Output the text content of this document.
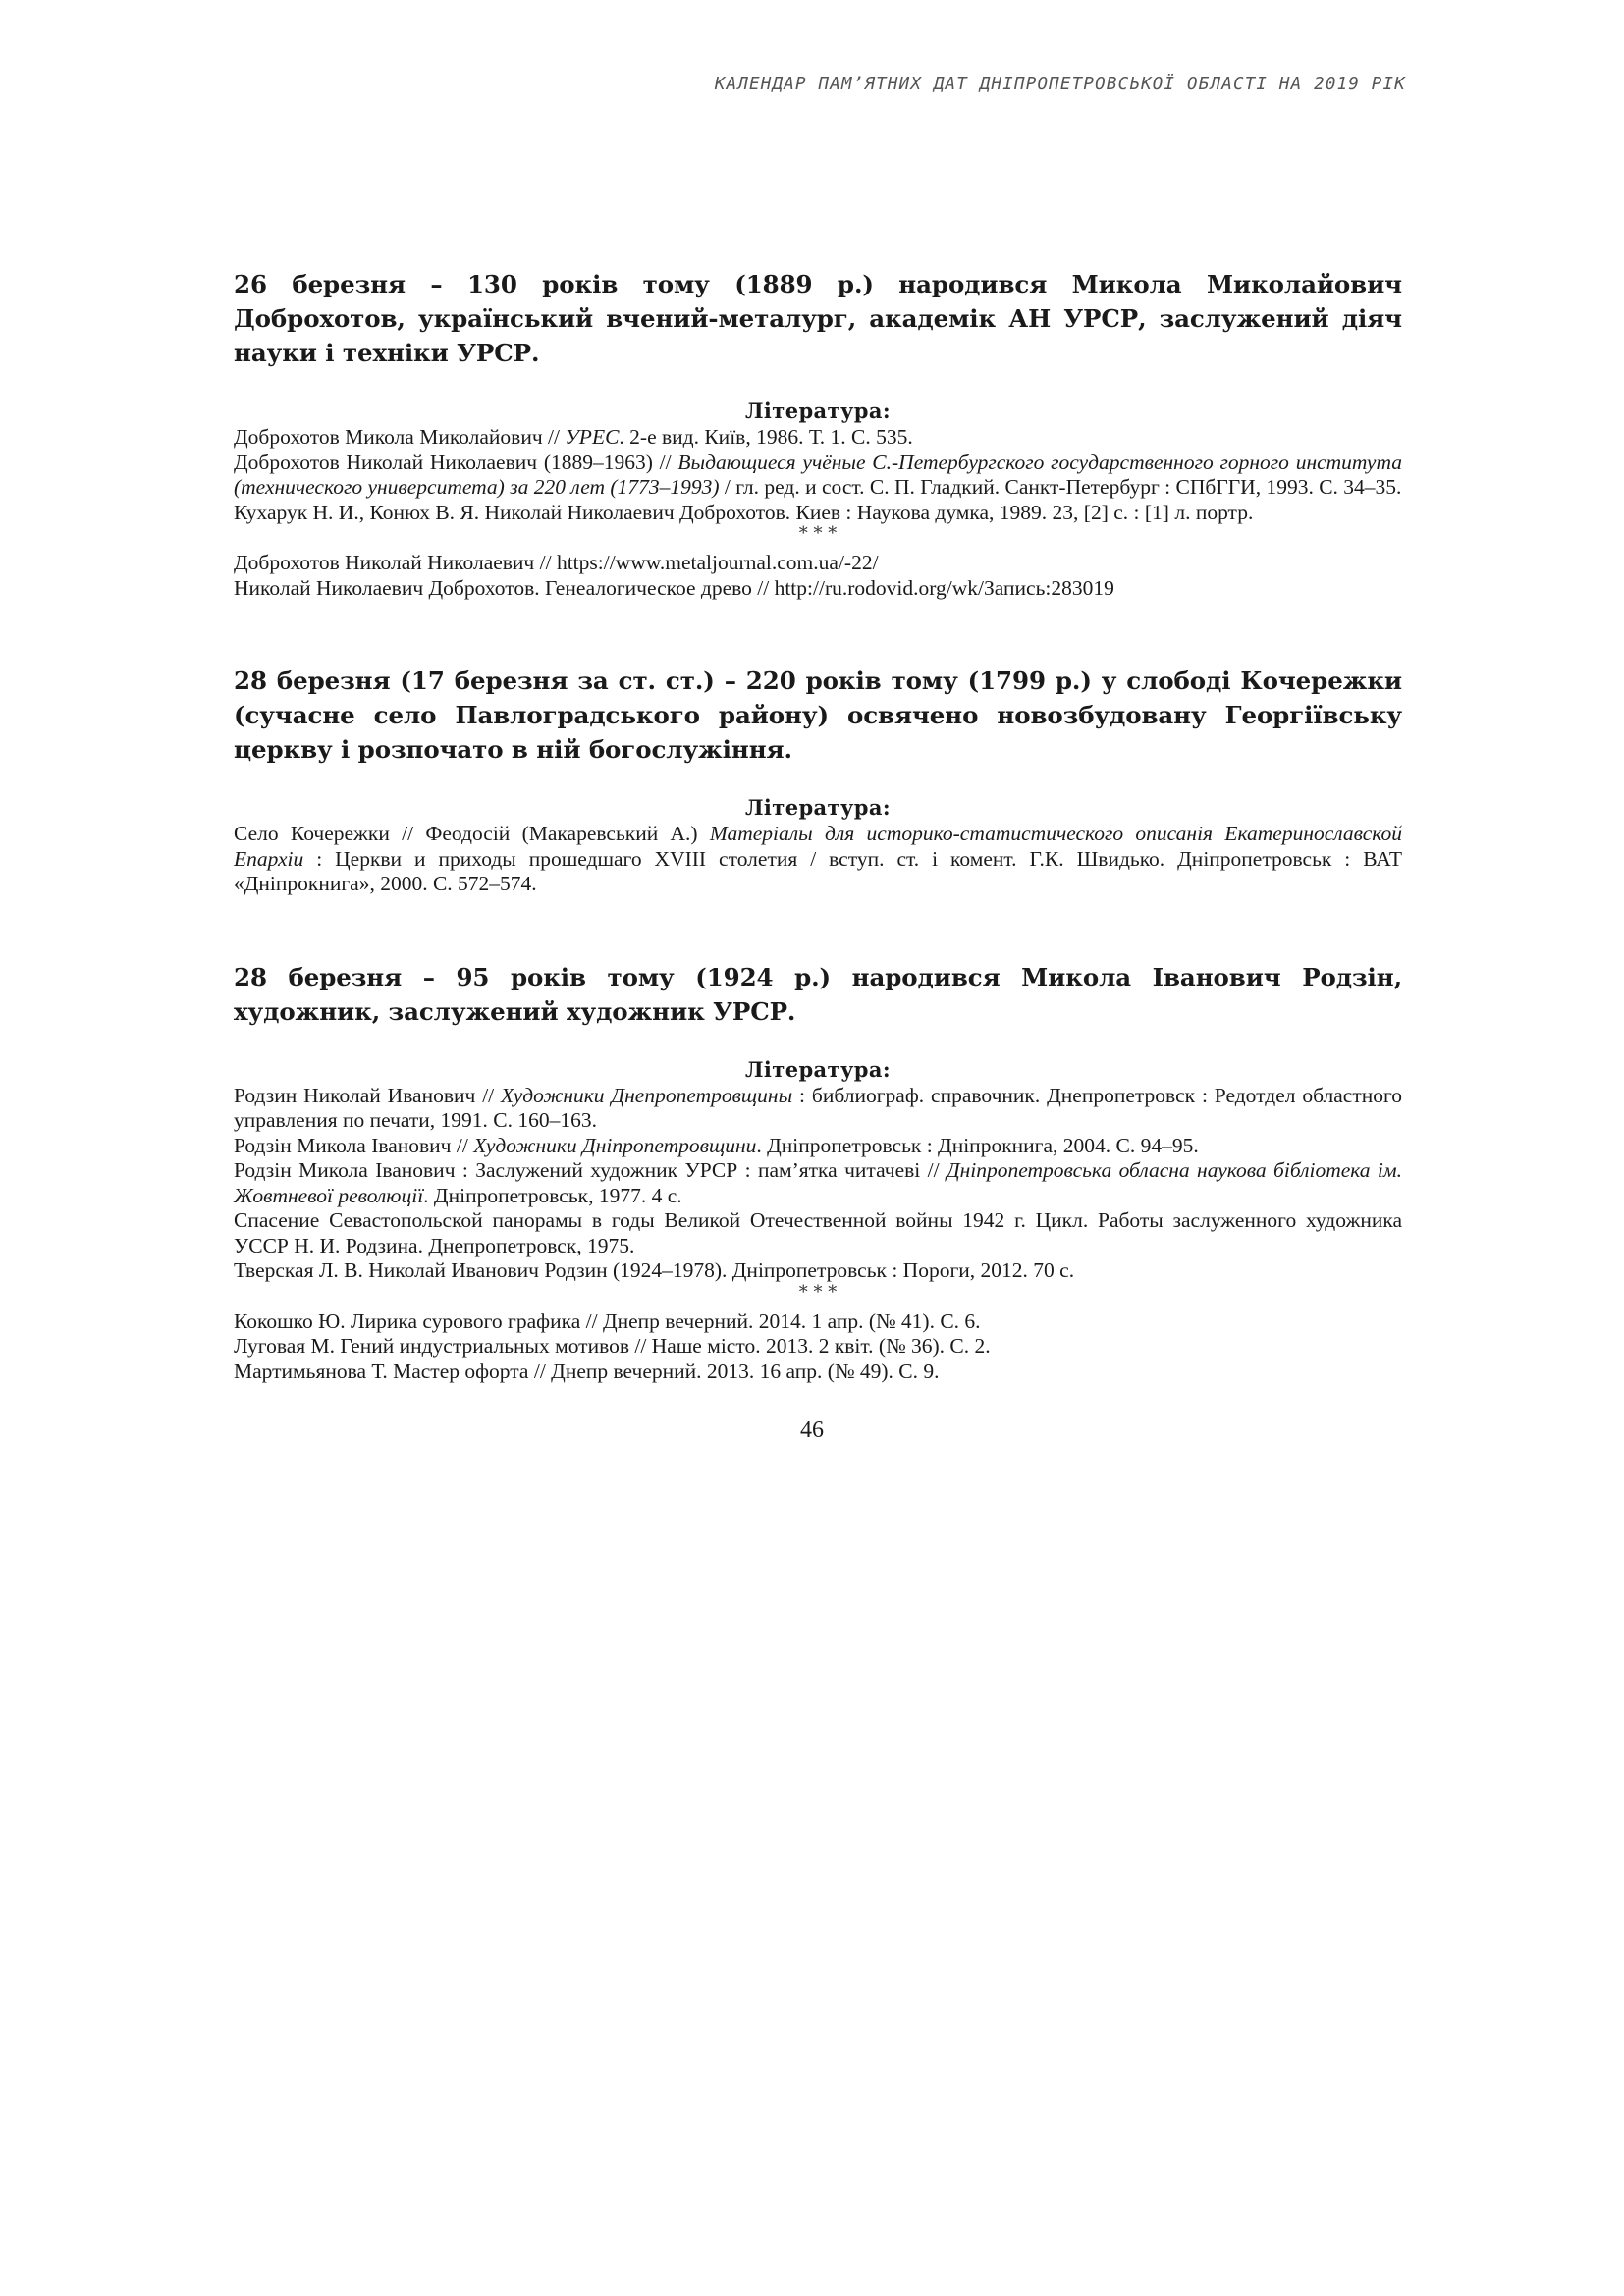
КАЛЕНДАР ПАМ’ЯТНИХ ДАТ ДНІПРОПЕТРОВСЬКОЇ ОБЛАСТІ НА 2019 РІК

26 березня – 130 років тому (1889 р.) народився Микола Миколайович Доброхотов, український вчений-металург, академік АН УРСР, заслужений діяч науки і техніки УРСР.

Література:

Доброхотов Микола Миколайович // УРЕС. 2-е вид. Київ, 1986. Т. 1. С. 535.

Доброхотов Николай Николаевич (1889–1963) // Выдающиеся учёные С.-Петербургского государственного горного института (технического университета) за 220 лет (1773–1993) / гл. ред. и сост. С. П. Гладкий. Санкт-Петербург : СПбГГИ, 1993. С. 34–35.

Кухарук Н. И., Конюх В. Я. Николай Николаевич Доброхотов. Киев : Наукова думка, 1989. 23, [2] с. : [1] л. портр.

* * *

Доброхотов Николай Николаевич // https://www.metaljournal.com.ua/-22/

Николай Николаевич Доброхотов. Генеалогическое древо // http://ru.rodovid.org/wk/Запись:283019

28 березня (17 березня за ст. ст.) – 220 років тому (1799 р.) у слободі Кочережки (сучасне село Павлоградського району) освячено новозбудовану Георгіївську церкву і розпочато в ній богослужіння.

Література:

Село Кочережки // Феодосій (Макаревський А.) Матеріалы для историко-статистического описанія Екатеринославской Епархіи : Церкви и приходы прошедшаго XVIII столетия / вступ. ст. і комент. Г.К. Швидько. Дніпропетровськ : ВАТ «Дніпрокнига», 2000. С. 572–574.

28 березня – 95 років тому (1924 р.) народився Микола Іванович Родзін, художник, заслужений художник УРСР.

Література:

Родзин Николай Иванович // Художники Днепропетровщины : библиограф. справочник. Днепропетровск : Редотдел областного управления по печати, 1991. С. 160–163.

Родзін Микола Іванович // Художники Дніпропетровщини. Дніпропетровськ : Дніпрокнига, 2004. С. 94–95.

Родзін Микола Іванович : Заслужений художник УРСР : пам’ятка читачеві // Дніпропетровська обласна наукова бібліотека ім. Жовтневої революції. Дніпропетровськ, 1977. 4 с.

Спасение Севастопольской панорамы в годы Великой Отечественной войны 1942 г. Цикл. Работы заслуженного художника УССР Н. И. Родзина. Днепропетровск, 1975.

Тверская Л. В. Николай Иванович Родзин (1924–1978). Дніпропетровськ : Пороги, 2012. 70 с.

* * *

Кокошко Ю. Лирика сурового графика // Днепр вечерний. 2014. 1 апр. (№ 41). С. 6.

Луговая М. Гений индустриальных мотивов // Наше місто. 2013. 2 квіт. (№ 36). С. 2.

Мартимьянова Т. Мастер офорта // Днепр вечерний. 2013. 16 апр. (№ 49). С. 9.

46
